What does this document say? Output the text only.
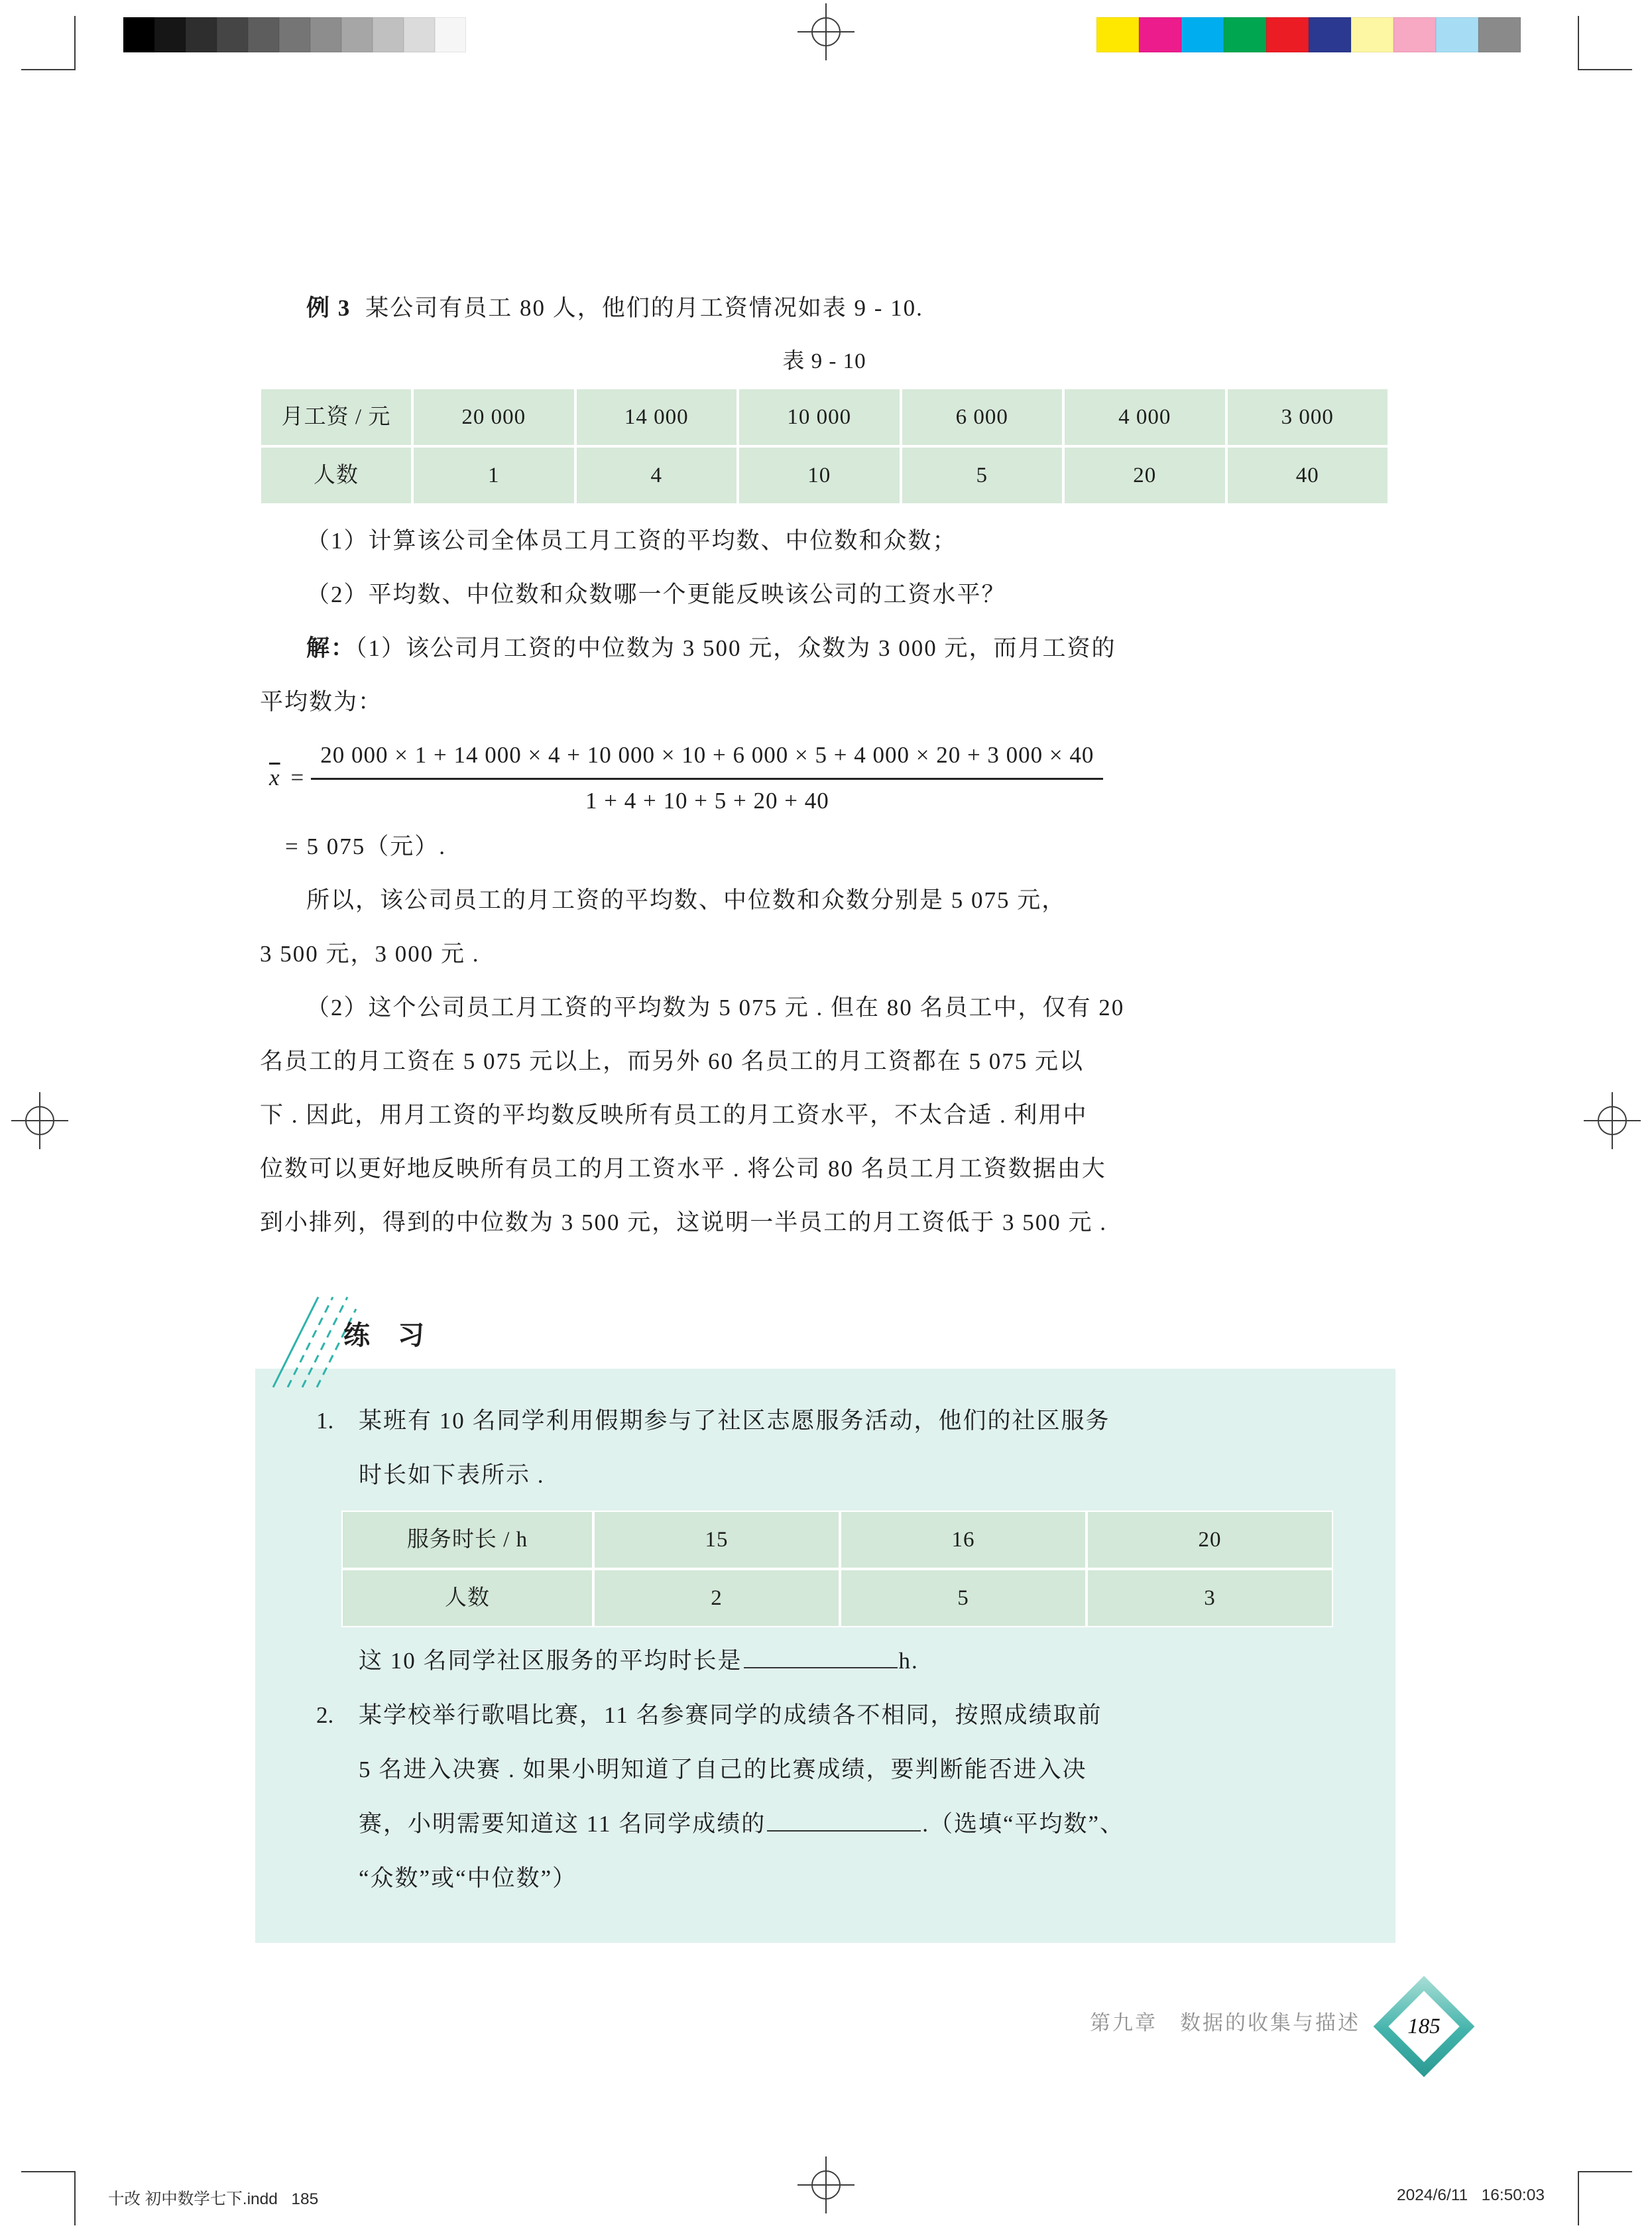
例 3 某公司有员工 80 人，他们的月工资情况如表 9 - 10.
表 9 - 10
月工资 / 元	20 000	14 000	10 000	6 000	4 000	3 000
人数	1	4	10	5	20	40
（1）计算该公司全体员工月工资的平均数、中位数和众数；
（2）平均数、中位数和众数哪一个更能反映该公司的工资水平？
解：（1）该公司月工资的中位数为 3 500 元，众数为 3 000 元，而月工资的
平均数为：
$\overline{x}$ =
20 000 × 1 + 14 000 × 4 + 10 000 × 10 + 6 000 × 5 + 4 000 × 20 + 3 000 × 40
1 + 4 + 10 + 5 + 20 + 40
= 5 075（元）.
所以，该公司员工的月工资的平均数、中位数和众数分别是 5 075 元，
3 500 元，3 000 元 .
（2）这个公司员工月工资的平均数为 5 075 元 . 但在 80 名员工中，仅有 20
名员工的月工资在 5 075 元以上，而另外 60 名员工的月工资都在 5 075 元以
下 . 因此，用月工资的平均数反映所有员工的月工资水平，不太合适 . 利用中
位数可以更好地反映所有员工的月工资水平 . 将公司 80 名员工月工资数据由大
到小排列，得到的中位数为 3 500 元，这说明一半员工的月工资低于 3 500 元 .
练 习
1. 某班有 10 名同学利用假期参与了社区志愿服务活动，他们的社区服务
时长如下表所示 .
服务时长 / h	15	16	20
人数	2	5	3
这 10 名同学社区服务的平均时长是	h.
2. 某学校举行歌唱比赛，11 名参赛同学的成绩各不相同，按照成绩取前
5 名进入决赛 . 如果小明知道了自己的比赛成绩，要判断能否进入决
赛，小明需要知道这 11 名同学成绩的	.（选填“平均数”、
“众数”或“中位数”）
第九章　数据的收集与描述	185
十改 初中数学七下.indd   185	2024/6/11   16:50:03
